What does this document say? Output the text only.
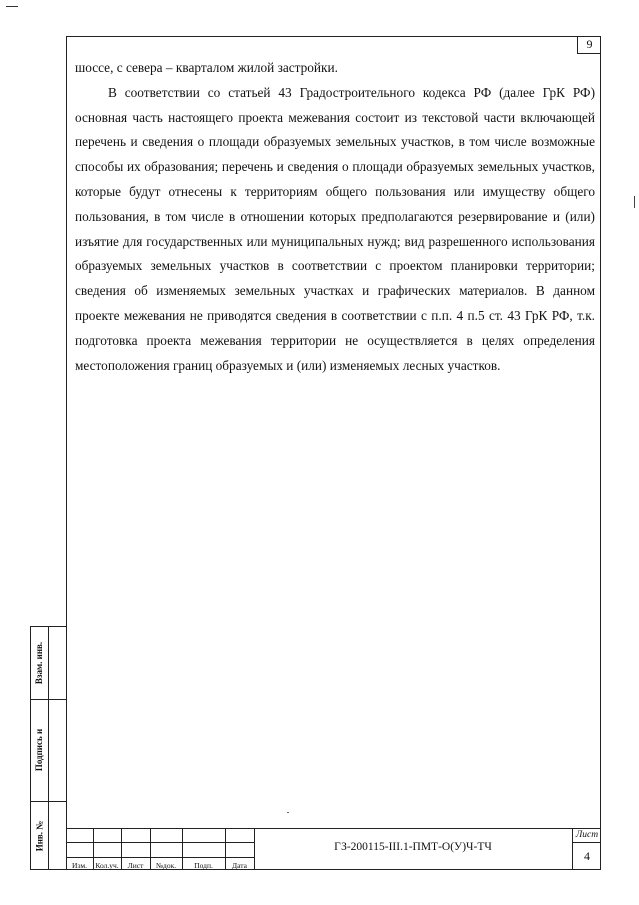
9

шоссе, с севера – кварталом жилой застройки.

В соответствии со статьей 43 Градостроительного кодекса РФ (далее ГрК РФ) основная часть настоящего проекта межевания состоит из текстовой части включающей перечень и сведения о площади образуемых земельных участков, в том числе возможные способы их образования; перечень и сведения о площади образуемых земельных участков, которые будут отнесены к территориям общего пользования или имуществу общего пользования, в том числе в отношении которых предполагаются резервирование и (или) изъятие для государственных или муниципальных нужд; вид разрешенного использования образуемых земельных участков в соответствии с проектом планировки территории; сведения об изменяемых земельных участках и графических материалов. В данном проекте межевания не приводятся сведения в соответствии с п.п. 4 п.5 ст. 43 ГрК РФ, т.к. подготовка проекта межевания территории не осуществляется в целях определения местоположения границ образуемых и (или) изменяемых лесных участков.

Взам. инв.
Подпись и
Инв. №
Изм.	Кол.уч.	Лист	№док.	Подп.	Дата
ГЗ-200115-III.1-ПМТ-О(У)Ч-ТЧ
Лист
4
